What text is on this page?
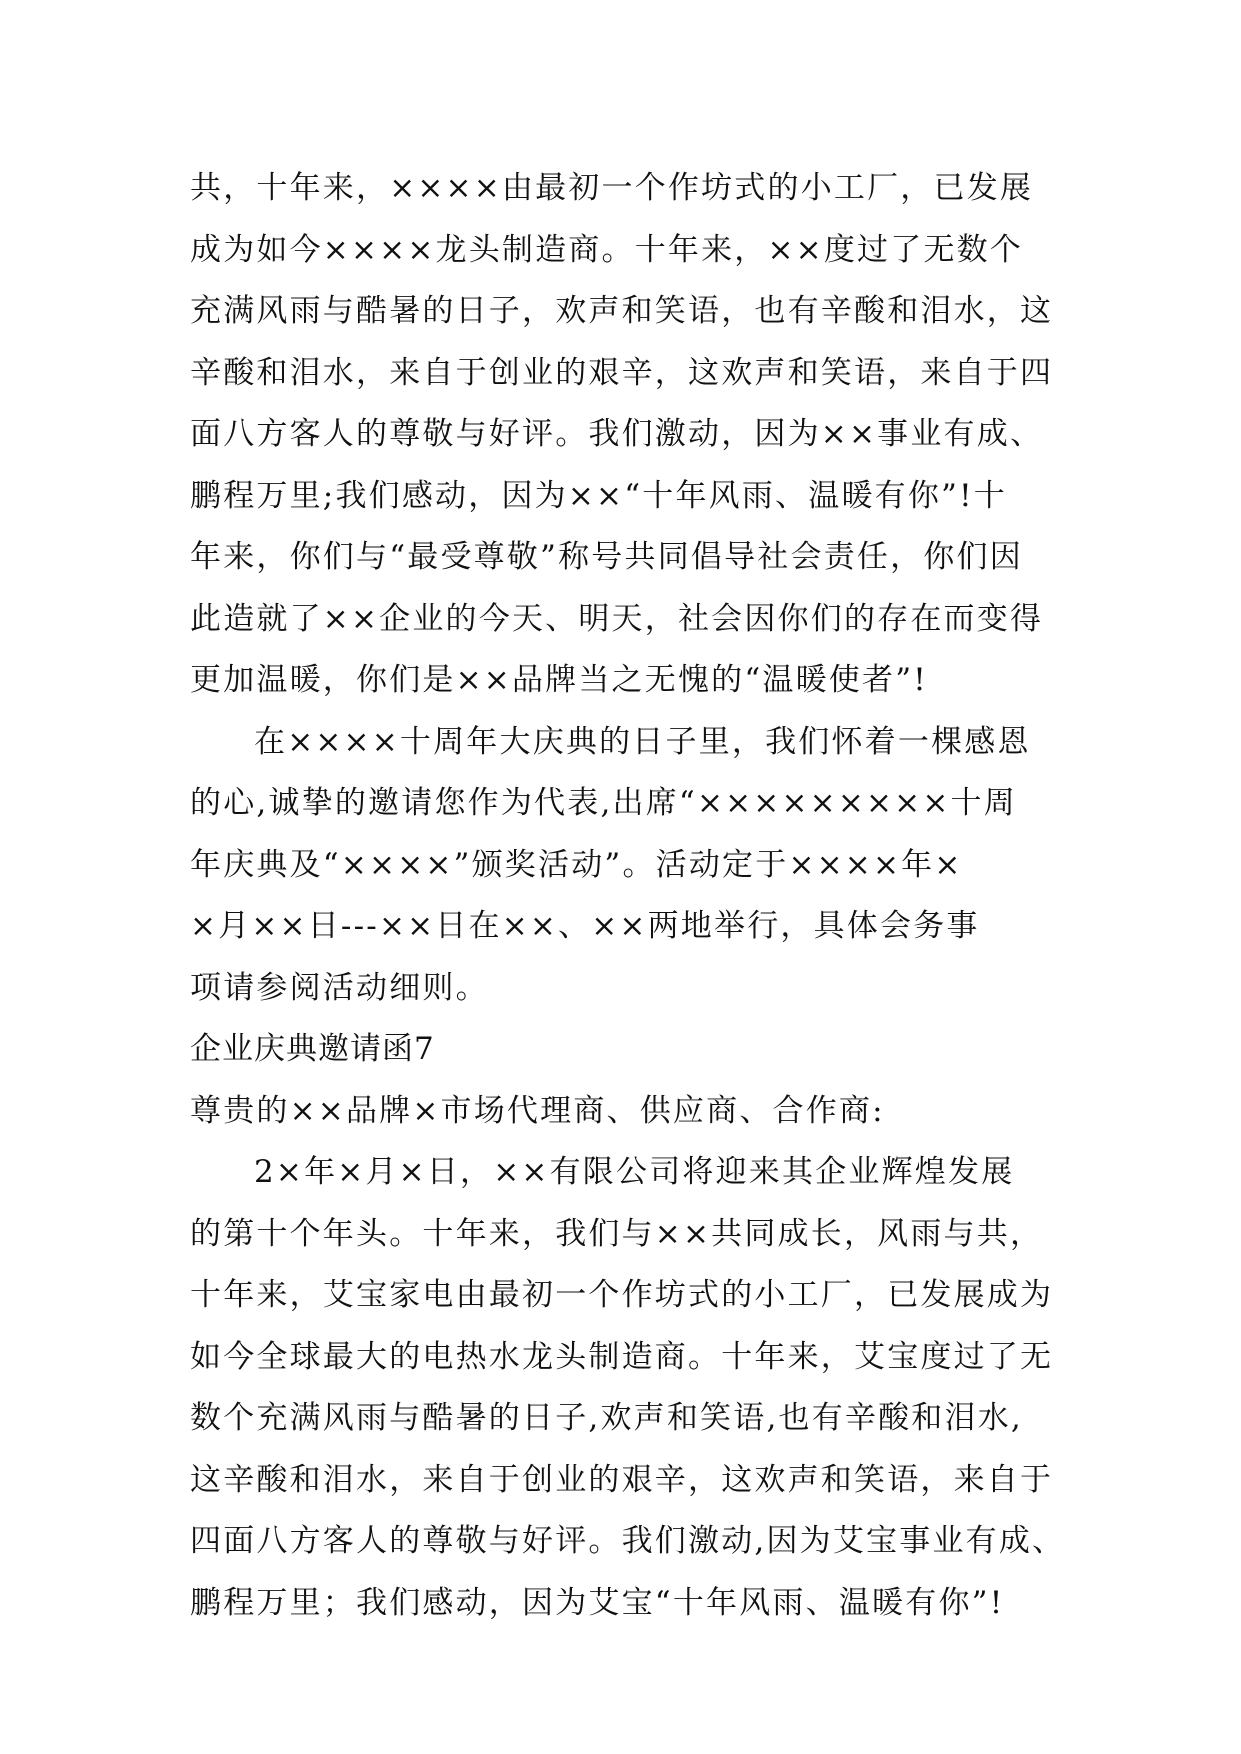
共，十年来，××××由最初一个作坊式的小工厂，已发展
成为如今××××龙头制造商。十年来，××度过了无数个
充满风雨与酷暑的日子，欢声和笑语，也有辛酸和泪水，这
辛酸和泪水，来自于创业的艰辛，这欢声和笑语，来自于四
面八方客人的尊敬与好评。我们激动，因为××事业有成、
鹏程万里;我们感动，因为××“十年风雨、温暖有你”!十
年来，你们与“最受尊敬”称号共同倡导社会责任，你们因
此造就了××企业的今天、明天，社会因你们的存在而变得
更加温暖，你们是××品牌当之无愧的“温暖使者”!
在××××十周年大庆典的日子里，我们怀着一棵感恩
的心,诚挚的邀请您作为代表,出席“×××××××××十周
年庆典及“××××”颁奖活动”。活动定于××××年×
×月××日---××日在××、××两地举行，具体会务事
项请参阅活动细则。
企业庆典邀请函7
尊贵的××品牌×市场代理商、供应商、合作商:
2×年×月×日，××有限公司将迎来其企业辉煌发展
的第十个年头。十年来，我们与××共同成长，风雨与共，
十年来，艾宝家电由最初一个作坊式的小工厂，已发展成为
如今全球最大的电热水龙头制造商。十年来，艾宝度过了无
数个充满风雨与酷暑的日子,欢声和笑语,也有辛酸和泪水,
这辛酸和泪水，来自于创业的艰辛，这欢声和笑语，来自于
四面八方客人的尊敬与好评。我们激动,因为艾宝事业有成、
鹏程万里；我们感动，因为艾宝“十年风雨、温暖有你”!
